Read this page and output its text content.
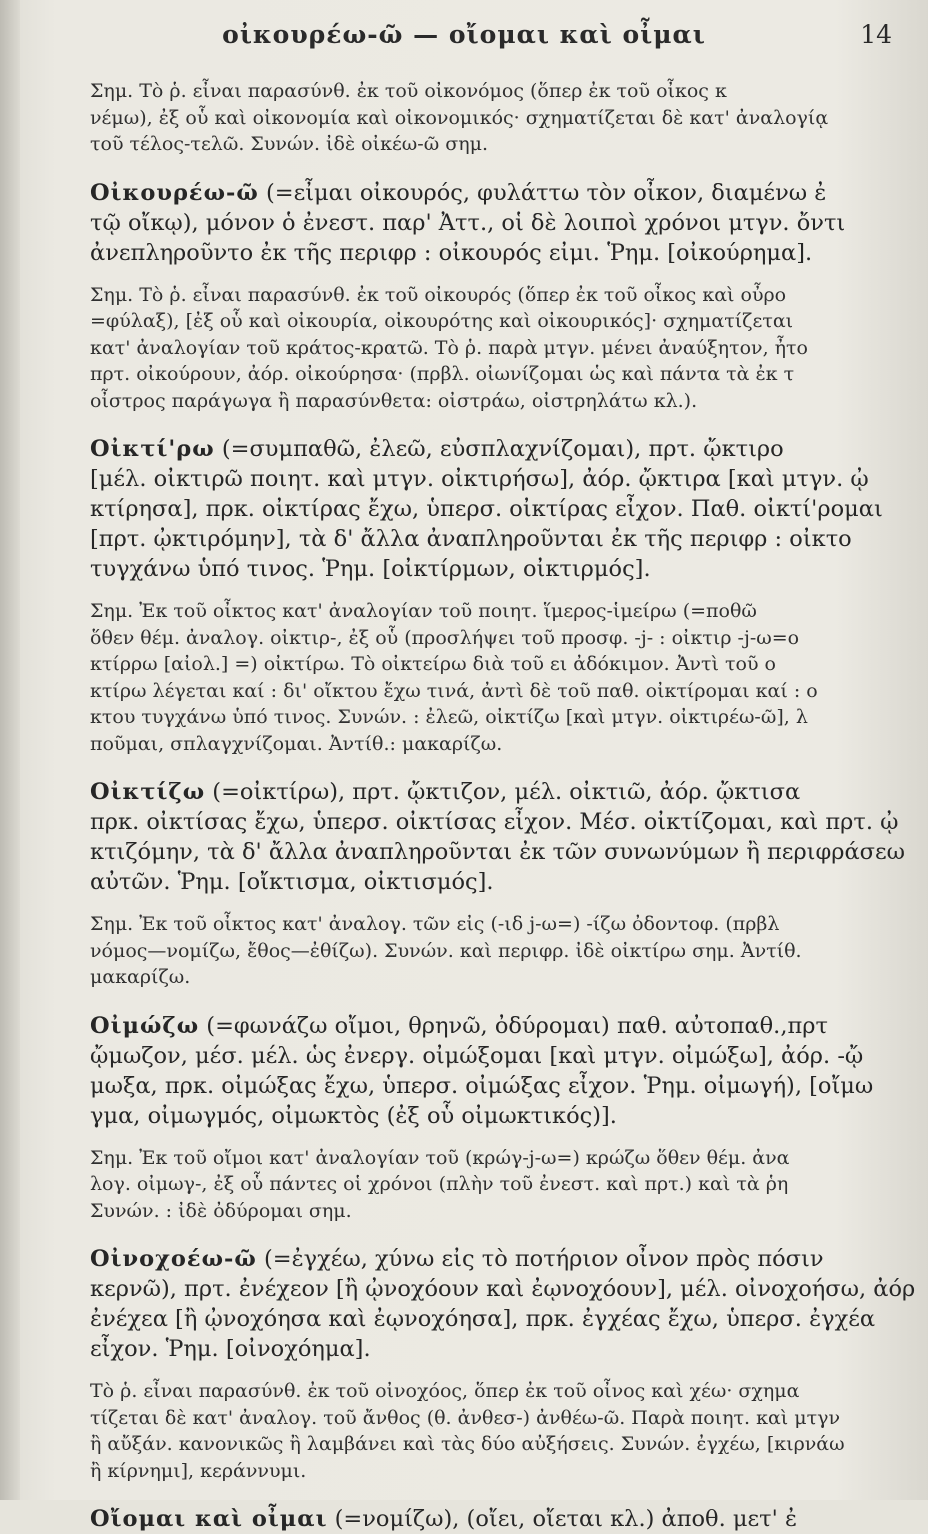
οἰκουρέω-ῶ — οἴομαι καὶ οἶμαι	14
Σημ. Τὸ ῥ. εἶναι παρασύνθ. ἐκ τοῦ οἰκονόμος (ὅπερ ἐκ τοῦ οἶκος κ
νέμω), ἐξ οὗ καὶ οἰκονομία καὶ οἰκονομικός· σχηματίζεται δὲ κατ' ἀναλογίᾳ
τοῦ τέλος-τελῶ. Συνών. ἰδὲ οἰκέω-ῶ σημ.
Οἰκουρέω-ῶ (=εἶμαι οἰκουρός, φυλάττω τὸν οἶκον, διαμένω ἐ
τῷ οἴκῳ), μόνον ὁ ἐνεστ. παρ' Ἀττ., οἱ δὲ λοιποὶ χρόνοι μτγν. ὄντι
ἀνεπληροῦντο ἐκ τῆς περιφρ : οἰκουρός εἰμι. Ῥημ. [οἰκούρημα].
Σημ. Τὸ ῥ. εἶναι παρασύνθ. ἐκ τοῦ οἰκουρός (ὅπερ ἐκ τοῦ οἶκος καὶ οὖρο
=φύλαξ), [ἐξ οὗ καὶ οἰκουρία, οἰκουρότης καὶ οἰκουρικός]· σχηματίζεται
κατ' ἀναλογίαν τοῦ κράτος-κρατῶ. Τὸ ῥ. παρὰ μτγν. μένει ἀναύξητον, ἦτο
πρτ. οἰκούρουν, ἀόρ. οἰκούρησα· (πρβλ. οἰωνίζομαι ὡς καὶ πάντα τὰ ἐκ τ
οἶστρος παράγωγα ἢ παρασύνθετα: οἰστράω, οἰστρηλάτω κλ.).
Οἰκτί'ρω (=συμπαθῶ, ἐλεῶ, εὐσπλαχνίζομαι), πρτ. ᾤκτιρο
[μέλ. οἰκτιρῶ ποιητ. καὶ μτγν. οἰκτιρήσω], ἀόρ. ᾤκτιρα [καὶ μτγν. ᾠ
κτίρησα], πρκ. οἰκτίρας ἔχω, ὑπερσ. οἰκτίρας εἶχον. Παθ. οἰκτί'ρομαι
[πρτ. ᾠκτιρόμην], τὰ δ' ἄλλα ἀναπληροῦνται ἐκ τῆς περιφρ : οἰκτο
τυγχάνω ὑπό τινος. Ῥημ. [οἰκτίρμων, οἰκτιρμός].
Σημ. Ἐκ τοῦ οἶκτος κατ' ἀναλογίαν τοῦ ποιητ. ἵμερος-ἱμείρω (=ποθῶ
ὅθεν θέμ. ἀναλογ. οἰκτιρ-, ἐξ οὗ (προσλήψει τοῦ προσφ. -j- : οἰκτιρ -j-ω=ο
κτίρρω [αἰολ.] =) οἰκτίρω. Τὸ οἰκτείρω διὰ τοῦ ει ἀδόκιμον. Ἀντὶ τοῦ ο
κτίρω λέγεται καί : δι' οἴκτου ἔχω τινά, ἀντὶ δὲ τοῦ παθ. οἰκτίρομαι καί : ο
κτου τυγχάνω ὑπό τινος. Συνών. : ἐλεῶ, οἰκτίζω [καὶ μτγν. οἰκτιρέω-ῶ], λ
ποῦμαι, σπλαγχνίζομαι. Ἀντίθ.: μακαρίζω.
Οἰκτίζω (=οἰκτίρω), πρτ. ᾤκτιζον, μέλ. οἰκτιῶ, ἀόρ. ᾤκτισα
πρκ. οἰκτίσας ἔχω, ὑπερσ. οἰκτίσας εἶχον. Μέσ. οἰκτίζομαι, καὶ πρτ. ᾠ
κτιζόμην, τὰ δ' ἄλλα ἀναπληροῦνται ἐκ τῶν συνωνύμων ἢ περιφράσεω
αὐτῶν. Ῥημ. [οἴκτισμα, οἰκτισμός].
Σημ. Ἐκ τοῦ οἶκτος κατ' ἀναλογ. τῶν εἰς (-ιδ j-ω=) -ίζω ὀδοντοφ. (πρβλ
νόμος—νομίζω, ἔθος—ἐθίζω). Συνών. καὶ περιφρ. ἰδὲ οἰκτίρω σημ. Ἀντίθ.
μακαρίζω.
Οἰμώζω (=φωνάζω οἴμοι, θρηνῶ, ὀδύρομαι) παθ. αὐτοπαθ.,πρτ
ᾤμωζον, μέσ. μέλ. ὡς ἐνεργ. οἰμώξομαι [καὶ μτγν. οἰμώξω], ἀόρ. -ᾤ
μωξα, πρκ. οἰμώξας ἔχω, ὑπερσ. οἰμώξας εἶχον. Ῥημ. οἰμωγή), [οἴμω
γμα, οἰμωγμός, οἰμωκτὸς (ἐξ οὗ οἰμωκτικός)].
Σημ. Ἐκ τοῦ οἴμοι κατ' ἀναλογίαν τοῦ (κρώγ-j-ω=) κρώζω ὅθεν θέμ. ἀνα
λογ. οἰμωγ-, ἐξ οὗ πάντες οἱ χρόνοι (πλὴν τοῦ ἐνεστ. καὶ πρτ.) καὶ τὰ ῥη
Συνών. : ἰδὲ ὀδύρομαι σημ.
Οἰνοχοέω-ῶ (=ἐγχέω, χύνω εἰς τὸ ποτήριον οἶνον πρὸς πόσιν
κερνῶ), πρτ. ἐνέχεον [ἢ ᾠνοχόουν καὶ ἐῳνοχόουν], μέλ. οἰνοχοήσω, ἀόρ
ἐνέχεα [ἢ ᾠνοχόησα καὶ ἐῳνοχόησα], πρκ. ἐγχέας ἔχω, ὑπερσ. ἐγχέα
εἶχον. Ῥημ. [οἰνοχόημα].
Τὸ ῥ. εἶναι παρασύνθ. ἐκ τοῦ οἰνοχόος, ὅπερ ἐκ τοῦ οἶνος καὶ χέω· σχημα
τίζεται δὲ κατ' ἀναλογ. τοῦ ἄνθος (θ. ἀνθεσ-) ἀνθέω-ῶ. Παρὰ ποιητ. καὶ μτγν
ἢ αὔξάν. κανονικῶς ἢ λαμβάνει καὶ τὰς δύο αὐξήσεις. Συνών. ἐγχέω, [κιρνάω
ἢ κίρνημι], κεράννυμι.
Οἴομαι καὶ οἶμαι (=νομίζω), (οἴει, οἴεται κλ.) ἀποθ. μετ' ἐ
